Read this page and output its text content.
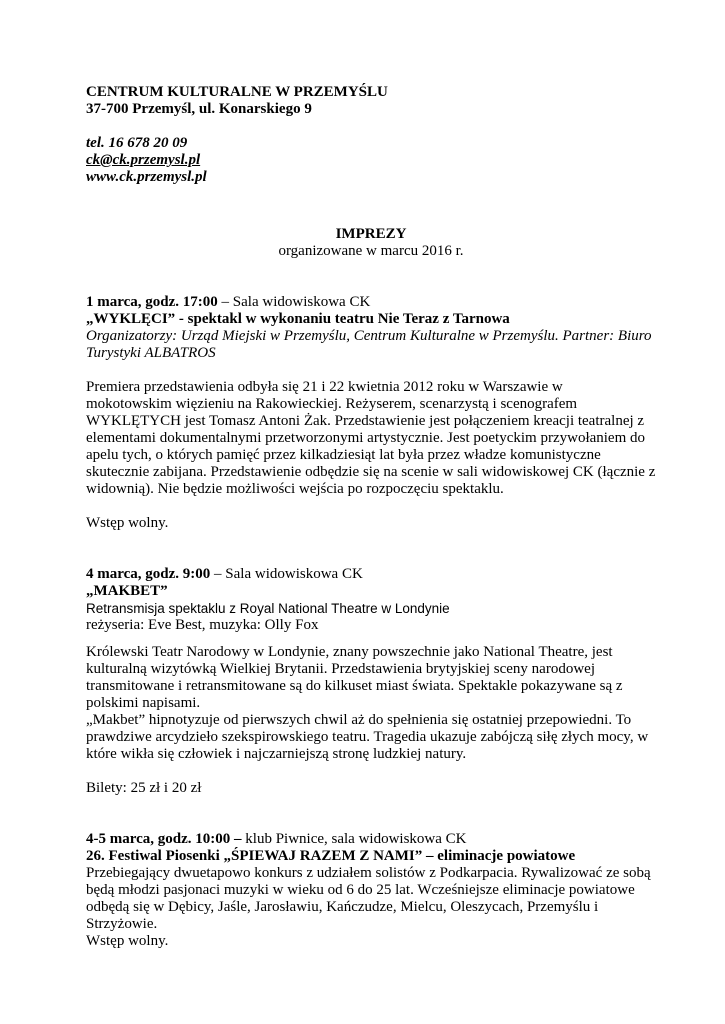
CENTRUM KULTURALNE W PRZEMYŚLU
37-700 Przemyśl, ul. Konarskiego 9
tel. 16 678 20 09
ck@ck.przemysl.pl
www.ck.przemysl.pl
IMPREZY
organizowane w marcu 2016 r.
1 marca, godz. 17:00 – Sala widowiskowa CK
„WYKLĘCI” - spektakl w wykonaniu teatru Nie Teraz z Tarnowa
Organizatorzy: Urząd Miejski w Przemyślu, Centrum Kulturalne w Przemyślu. Partner: Biuro
Turystyki ALBATROS
Premiera przedstawienia odbyła się 21 i 22 kwietnia 2012 roku w Warszawie w
mokotowskim więzieniu na Rakowieckiej. Reżyserem, scenarzystą i scenografem
WYKLĘTYCH jest Tomasz Antoni Żak. Przedstawienie jest połączeniem kreacji teatralnej z
elementami dokumentalnymi przetworzonymi artystycznie. Jest poetyckim przywołaniem do
apelu tych, o których pamięć przez kilkadziesiąt lat była przez władze komunistyczne
skutecznie zabijana. Przedstawienie odbędzie się na scenie w sali widowiskowej CK (łącznie z
widownią). Nie będzie możliwości wejścia po rozpoczęciu spektaklu.
Wstęp wolny.
4 marca, godz. 9:00 – Sala widowiskowa CK
„MAKBET”
Retransmisja spektaklu z Royal National Theatre w Londynie
reżyseria: Eve Best, muzyka: Olly Fox
Królewski Teatr Narodowy w Londynie, znany powszechnie jako National Theatre, jest
kulturalną wizytówką Wielkiej Brytanii. Przedstawienia brytyjskiej sceny narodowej
transmitowane i retransmitowane są do kilkuset miast świata. Spektakle pokazywane są z
polskimi napisami.
„Makbet” hipnotyzuje od pierwszych chwil aż do spełnienia się ostatniej przepowiedni. To
prawdziwe arcydzieło szekspirowskiego teatru. Tragedia ukazuje zabójczą siłę złych mocy, w
które wikła się człowiek i najczarniejszą stronę ludzkiej natury.
Bilety: 25 zł i 20 zł
4-5 marca, godz. 10:00 – klub Piwnice, sala widowiskowa CK
26. Festiwal Piosenki „ŚPIEWAJ RAZEM Z NAMI” – eliminacje powiatowe
Przebiegający dwuetapowo konkurs z udziałem solistów z Podkarpacia. Rywalizować ze sobą
będą młodzi pasjonaci muzyki w wieku od 6 do 25 lat. Wcześniejsze eliminacje powiatowe
odbędą się w Dębicy, Jaśle, Jarosławiu, Kańczudze, Mielcu, Oleszycach, Przemyślu i
Strzyżowie.
Wstęp wolny.
